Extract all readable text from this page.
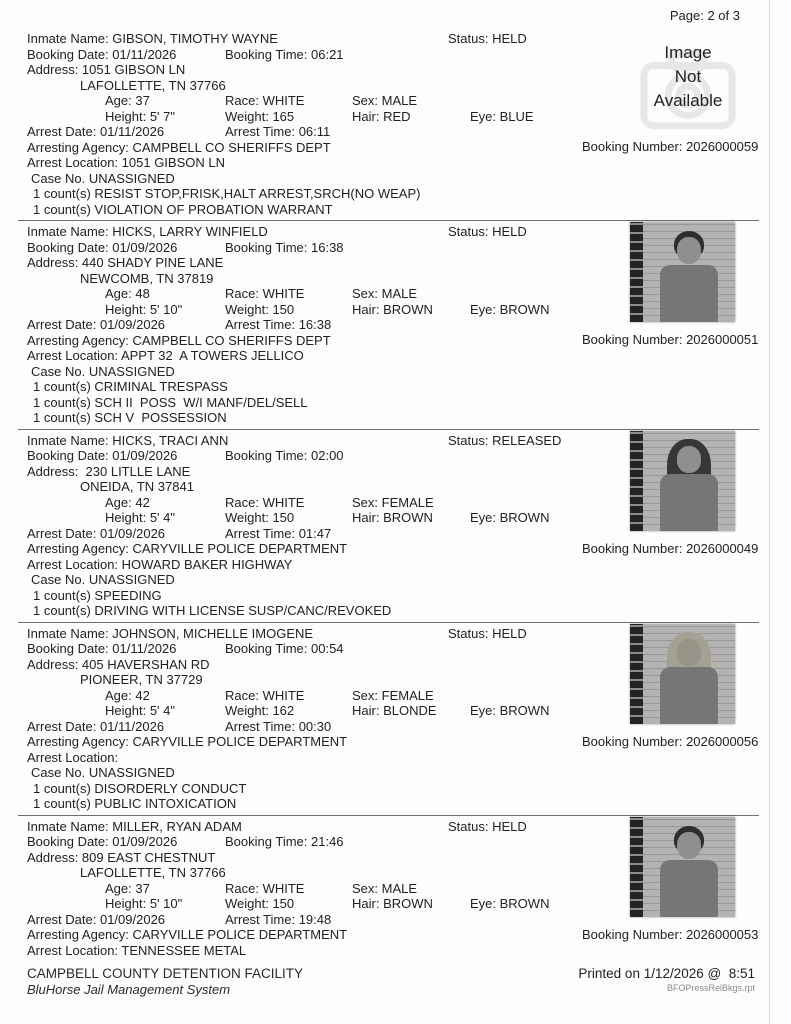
Page: 2 of 3
Inmate Name: GIBSON, TIMOTHY WAYNE	Status: HELD
Booking Date: 01/11/2026	Booking Time: 06:21
Address: 1051 GIBSON LN
LAFOLLETTE, TN 37766
Age: 37	Race: WHITE	Sex: MALE
Height: 5' 7"	Weight: 165	Hair: RED	Eye: BLUE
Arrest Date: 01/11/2026	Arrest Time: 06:11
Arresting Agency: CAMPBELL CO SHERIFFS DEPT
Arrest Location: 1051 GIBSON LN
Case No. UNASSIGNED
1 count(s) RESIST STOP,FRISK,HALT ARREST,SRCH(NO WEAP)
1 count(s) VIOLATION OF PROBATION WARRANT
Image
Not
Available
Booking Number: 2026000059
Inmate Name: HICKS, LARRY WINFIELD	Status: HELD
Booking Date: 01/09/2026	Booking Time: 16:38
Address: 440 SHADY PINE LANE
NEWCOMB, TN 37819
Age: 48	Race: WHITE	Sex: MALE
Height: 5' 10"	Weight: 150	Hair: BROWN	Eye: BROWN
Arrest Date: 01/09/2026	Arrest Time: 16:38
Arresting Agency: CAMPBELL CO SHERIFFS DEPT
Arrest Location: APPT 32  A TOWERS JELLICO
Case No. UNASSIGNED
1 count(s) CRIMINAL TRESPASS
1 count(s) SCH II  POSS  W/I MANF/DEL/SELL
1 count(s) SCH V  POSSESSION
Booking Number: 2026000051
Inmate Name: HICKS, TRACI ANN	Status: RELEASED
Booking Date: 01/09/2026	Booking Time: 02:00
Address:  230 LITLLE LANE
ONEIDA, TN 37841
Age: 42	Race: WHITE	Sex: FEMALE
Height: 5' 4"	Weight: 150	Hair: BROWN	Eye: BROWN
Arrest Date: 01/09/2026	Arrest Time: 01:47
Arresting Agency: CARYVILLE POLICE DEPARTMENT
Arrest Location: HOWARD BAKER HIGHWAY
Case No. UNASSIGNED
1 count(s) SPEEDING
1 count(s) DRIVING WITH LICENSE SUSP/CANC/REVOKED
Booking Number: 2026000049
Inmate Name: JOHNSON, MICHELLE IMOGENE	Status: HELD
Booking Date: 01/11/2026	Booking Time: 00:54
Address: 405 HAVERSHAN RD
PIONEER, TN 37729
Age: 42	Race: WHITE	Sex: FEMALE
Height: 5' 4"	Weight: 162	Hair: BLONDE	Eye: BROWN
Arrest Date: 01/11/2026	Arrest Time: 00:30
Arresting Agency: CARYVILLE POLICE DEPARTMENT
Arrest Location:
Case No. UNASSIGNED
1 count(s) DISORDERLY CONDUCT
1 count(s) PUBLIC INTOXICATION
Booking Number: 2026000056
Inmate Name: MILLER, RYAN ADAM	Status: HELD
Booking Date: 01/09/2026	Booking Time: 21:46
Address: 809 EAST CHESTNUT
LAFOLLETTE, TN 37766
Age: 37	Race: WHITE	Sex: MALE
Height: 5' 10"	Weight: 150	Hair: BROWN	Eye: BROWN
Arrest Date: 01/09/2026	Arrest Time: 19:48
Arresting Agency: CARYVILLE POLICE DEPARTMENT
Arrest Location: TENNESSEE METAL
Booking Number: 2026000053
CAMPBELL COUNTY DETENTION FACILITY
BluHorse Jail Management System
Printed on 1/12/2026 @  8:51
BFOPressRelBkgs.rpt
